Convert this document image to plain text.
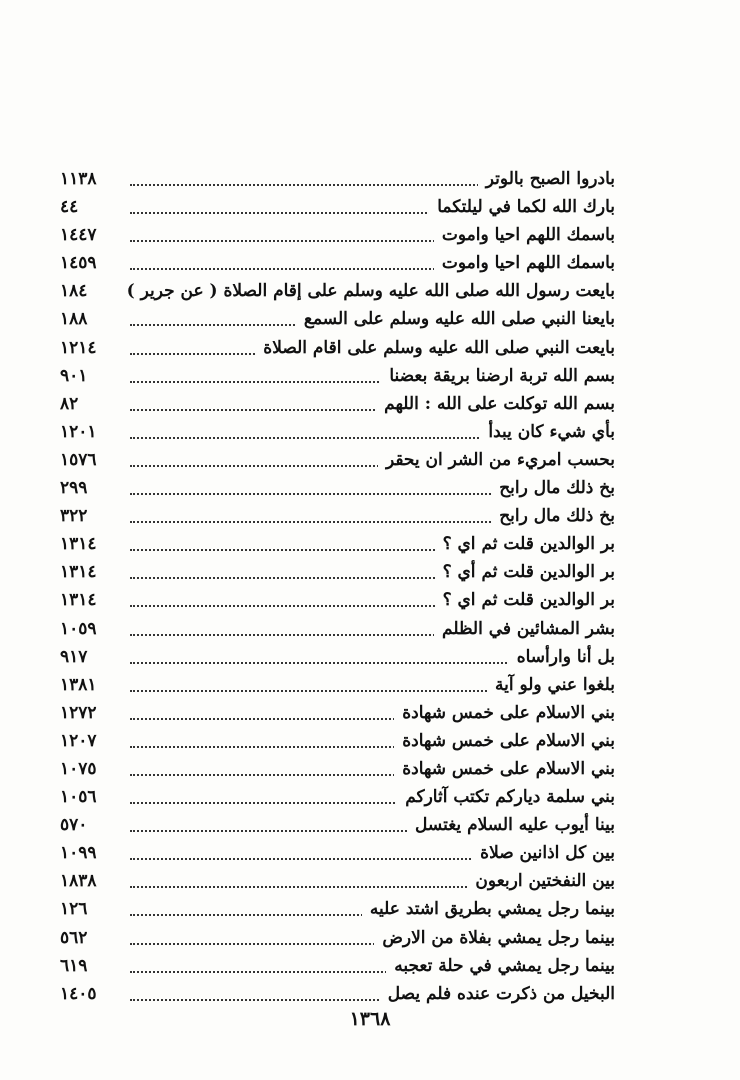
بادروا الصبح بالوتر
١١٣٨
بارك الله لكما في ليلتكما
٤٤
باسمك اللهم احيا واموت
١٤٤٧
باسمك اللهم احيا واموت
١٤٥٩
بايعت رسول الله صلى الله عليه وسلم على إقام الصلاة ( عن جرير )
١٨٤
بايعنا النبي صلى الله عليه وسلم على السمع
١٨٨
بايعت النبي صلى الله عليه وسلم على اقام الصلاة
١٢١٤
بسم الله تربة ارضنا بريقة بعضنا
٩٠١
بسم الله توكلت على الله : اللهم
٨٢
بأي شيء كان يبدأ
١٢٠١
بحسب امريء من الشر ان يحقر
١٥٧٦
بخ ذلك مال رابح
٢٩٩
بخ ذلك مال رابح
٣٢٢
بر الوالدين قلت ثم اي ؟
١٣١٤
بر الوالدين قلت ثم أي ؟
١٣١٤
بر الوالدين قلت ثم اي ؟
١٣١٤
بشر المشائين في الظلم
١٠٥٩
بل أنا وارأساه
٩١٧
بلغوا عني ولو آية
١٣٨١
بني الاسلام على خمس شهادة
١٢٧٢
بني الاسلام على خمس شهادة
١٢٠٧
بني الاسلام على خمس شهادة
١٠٧٥
بني سلمة دياركم تكتب آثاركم
١٠٥٦
بينا أيوب عليه السلام يغتسل
٥٧٠
بين كل اذانين صلاة
١٠٩٩
بين النفختين اربعون
١٨٣٨
بينما رجل يمشي بطريق اشتد عليه
١٢٦
بينما رجل يمشي بفلاة من الارض
٥٦٢
بينما رجل يمشي في حلة تعجبه
٦١٩
البخيل من ذكرت عنده فلم يصل
١٤٠٥
١٣٦٨
